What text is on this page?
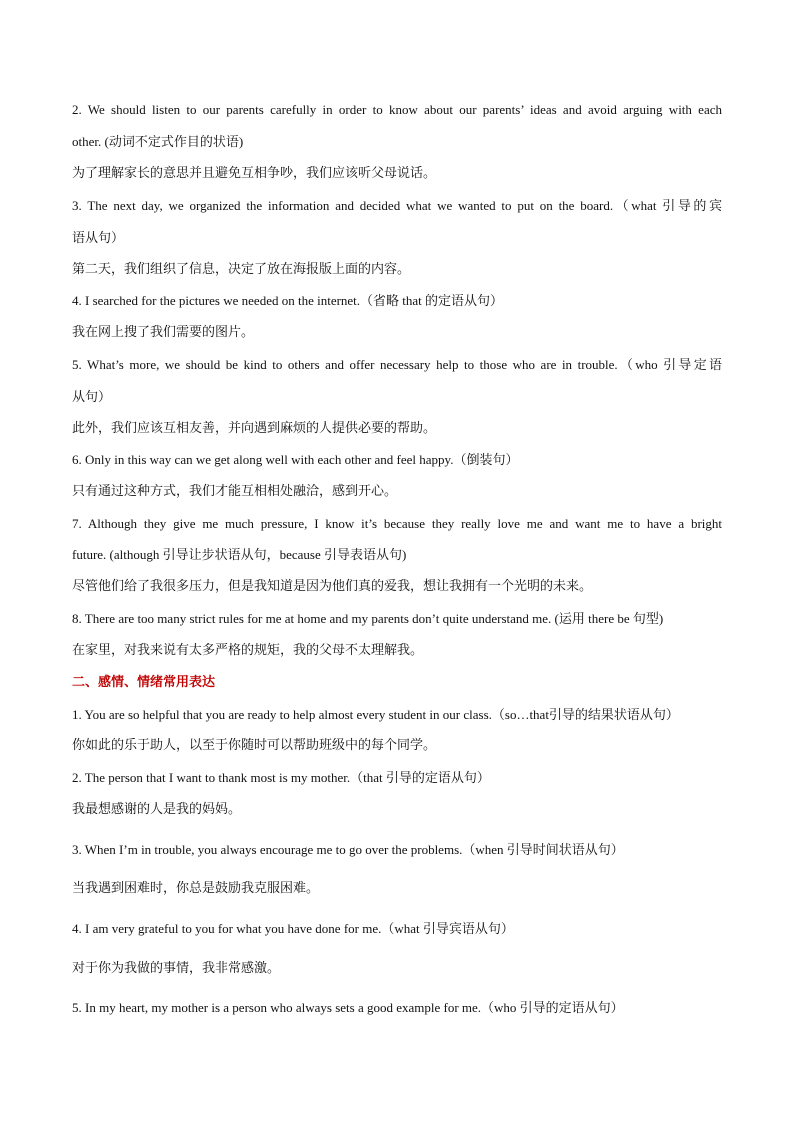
2. We should listen to our parents carefully in order to know about our parents’ ideas and avoid arguing with each
other. (动词不定式作目的状语)
为了理解家长的意思并且避免互相争吵，我们应该听父母说话。
3. The next day, we organized the information and decided what we wanted to put on the board.（what 引导的宾
语从句）
第二天，我们组织了信息，决定了放在海报版上面的内容。
4. I searched for the pictures we needed on the internet.（省略 that 的定语从句）
我在网上搜了我们需要的图片。
5. What’s more, we should be kind to others and offer necessary help to those who are in trouble.（who 引导定语
从句）
此外，我们应该互相友善，并向遇到麻烦的人提供必要的帮助。
6. Only in this way can we get along well with each other and feel happy.（倒装句）
只有通过这种方式，我们才能互相相处融洽，感到开心。
7. Although they give me much pressure, I know it’s because they really love me and want me to have a bright
future. (although 引导让步状语从句，because 引导表语从句)
尽管他们给了我很多压力，但是我知道是因为他们真的爱我，想让我拥有一个光明的未来。
8. There are too many strict rules for me at home and my parents don’t quite understand me. (运用 there be 句型)
在家里，对我来说有太多严格的规矩，我的父母不太理解我。
二、感情、情绪常用表达
1. You are so helpful that you are ready to help almost every student in our class.（so…that引导的结果状语从句）
你如此的乐于助人，以至于你随时可以帮助班级中的每个同学。
2. The person that I want to thank most is my mother.（that 引导的定语从句）
我最想感谢的人是我的妈妈。
3. When I’m in trouble, you always encourage me to go over the problems.（when 引导时间状语从句）
当我遇到困难时，你总是鼓励我克服困难。
4. I am very grateful to you for what you have done for me.（what 引导宾语从句）
对于你为我做的事情，我非常感激。
5. In my heart, my mother is a person who always sets a good example for me.（who 引导的定语从句）
